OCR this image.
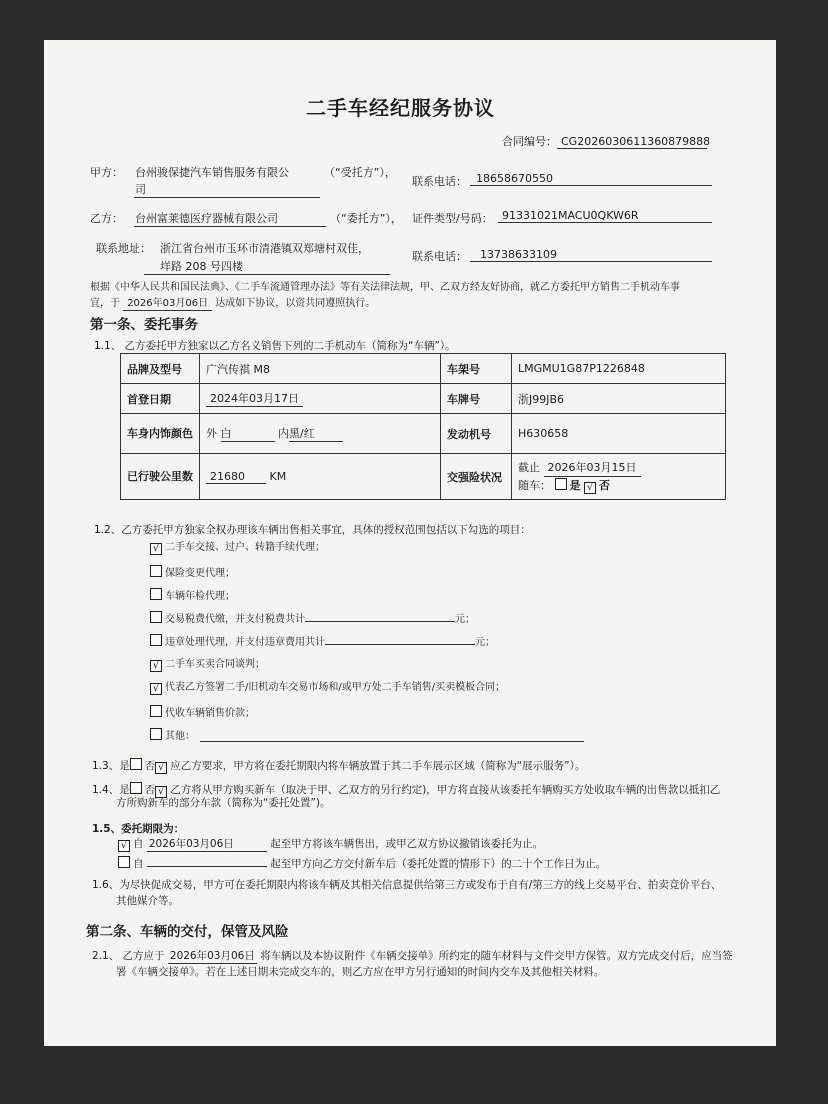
二手车经纪服务协议
合同编号： CG2026030611360879888
甲方： 台州骏保捷汽车销售服务有限公
司
（“受托方”），
联系电话： 18658670550
乙方： 台州富莱德医疗器械有限公司	（“委托方”）， 证件类型/号码： 91331021MACU0QKW6R
联系地址： 浙江省台州市玉环市清港镇双郑塘村双佳，
垟路 208 号四楼
联系电话： 13738633109
根据《中华人民共和国民法典》、《二手车流通管理办法》等有关法律法规，甲、乙双方经友好协商，就乙方委托甲方销售二手机动车事
宜，于 2026年03月06日 达成如下协议，以资共同遵照执行。
第一条、委托事务
1.1、 乙方委托甲方独家以乙方名义销售下列的二手机动车（简称为“车辆”）。
品牌及型号	广汽传祺 M8	车架号	LMGMU1G87P1226848
首登日期	2024年03月17日	车牌号	浙J99JB6
车身内饰颜色	外 白 内黑/红	发动机号	H630658
已行驶公里数	21680 KM	交强险状况	截止 2026年03月15日
随车： 是 √ 否
1.2、乙方委托甲方独家全权办理该车辆出售相关事宜，具体的授权范围包括以下勾选的项目：
√ 二手车交接、过户、转籍手续代理；
保险变更代理；
车辆年检代理；
交易税费代缴，并支付税费共计	元；
违章处理代理，并支付违章费用共计	元；
√ 二手车买卖合同谈判；
√ 代表乙方签署二手/旧机动车交易市场和/或甲方处二手车销售/买卖模板合同；
代收车辆销售价款；
其他：
1.3、是 否 √ 应乙方要求，甲方将在委托期限内将车辆放置于其二手车展示区域（简称为“展示服务”）。
1.4、是 否 √ 乙方将从甲方购买新车（取决于甲、乙双方的另行约定)，甲方将直接从该委托车辆购买方处收取车辆的出售款以抵扣乙
方所购新车的部分车款（简称为“委托处置”)。
1.5、委托期限为：
√ 自 2026年03月06日	起至甲方将该车辆售出，或甲乙双方协议撤销该委托为止。
自	起至甲方向乙方交付新车后（委托处置的情形下）的二十个工作日为止。
1.6、为尽快促成交易，甲方可在委托期限内将该车辆及其相关信息提供给第三方或发布于自有/第三方的线上交易平台、拍卖竞价平台、
其他媒介等。
第二条、车辆的交付，保管及风险
2.1、 乙方应于 2026年03月06日 将车辆以及本协议附件《车辆交接单》所约定的随车材料与文件交甲方保管。双方完成交付后，应当签
署《车辆交接单》。若在上述日期未完成交车的，则乙方应在甲方另行通知的时间内交车及其他相关材料。
